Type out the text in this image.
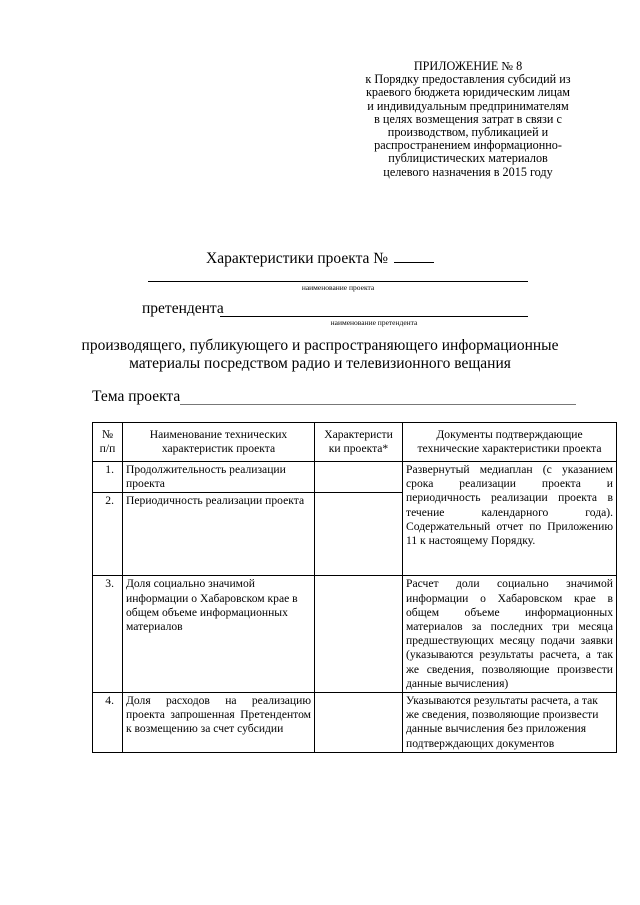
ПРИЛОЖЕНИЕ № 8
к Порядку предоставления субсидий из
краевого бюджета юридическим лицам
и индивидуальным предпринимателям
в целях возмещения затрат в связи с
производством, публикацией и
распространением информационно-
публицистических материалов
целевого назначения в 2015 году
Характеристики проекта №
наименование проекта
претендента
наименование претендента
производящего, публикующего и распространяющего информационные
материалы посредством радио и телевизионного вещания
Тема проекта
№ п/п	Наименование технических характеристик проекта	Характеристи ки проекта*	Документы подтверждающие технические характеристики проекта
1.	Продолжительность реализации проекта		Развернутый медиаплан (с указанием срока реализации проекта и периодичность реализации проекта в течение календарного года). Содержательный отчет по Приложению 11 к настоящему Порядку.
2.	Периодичность реализации проекта		
3.	Доля социально значимой информации о Хабаровском крае в общем объеме информационных материалов		Расчет доли социально значимой информации о Хабаровском крае в общем объеме информационных материалов за последних три месяца предшествующих месяцу подачи заявки (указываются результаты расчета, а так же сведения, позволяющие произвести данные вычисления)
4.	Доля расходов на реализацию проекта запрошенная Претендентом к возмещению за счет субсидии		Указываются результаты расчета, а так же сведения, позволяющие произвести данные вычисления без приложения подтверждающих документов
